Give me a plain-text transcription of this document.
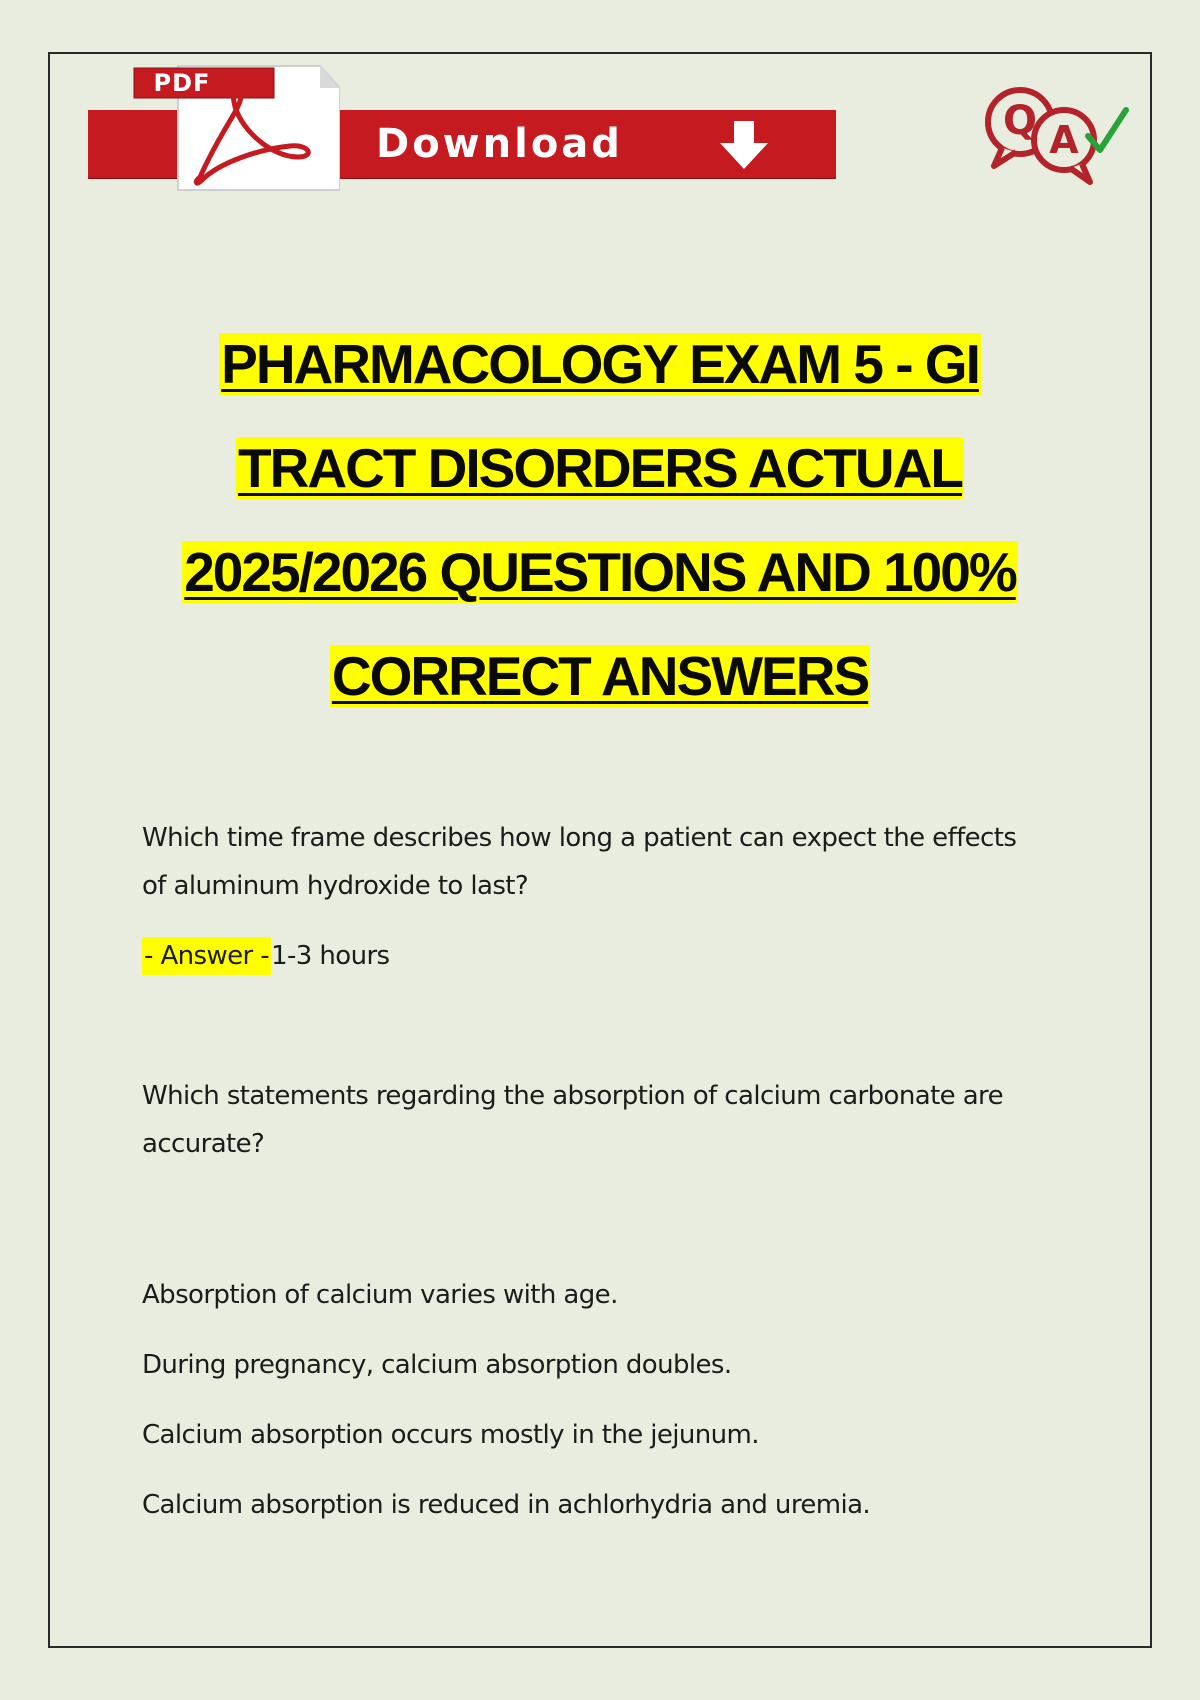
Download
PDF
Q A
PHARMACOLOGY EXAM 5 - GI
TRACT DISORDERS ACTUAL
2025/2026 QUESTIONS AND 100%
CORRECT ANSWERS
Which time frame describes how long a patient can expect the effects
of aluminum hydroxide to last?
- Answer -1-3 hours
Which statements regarding the absorption of calcium carbonate are
accurate?
Absorption of calcium varies with age.
During pregnancy, calcium absorption doubles.
Calcium absorption occurs mostly in the jejunum.
Calcium absorption is reduced in achlorhydria and uremia.
